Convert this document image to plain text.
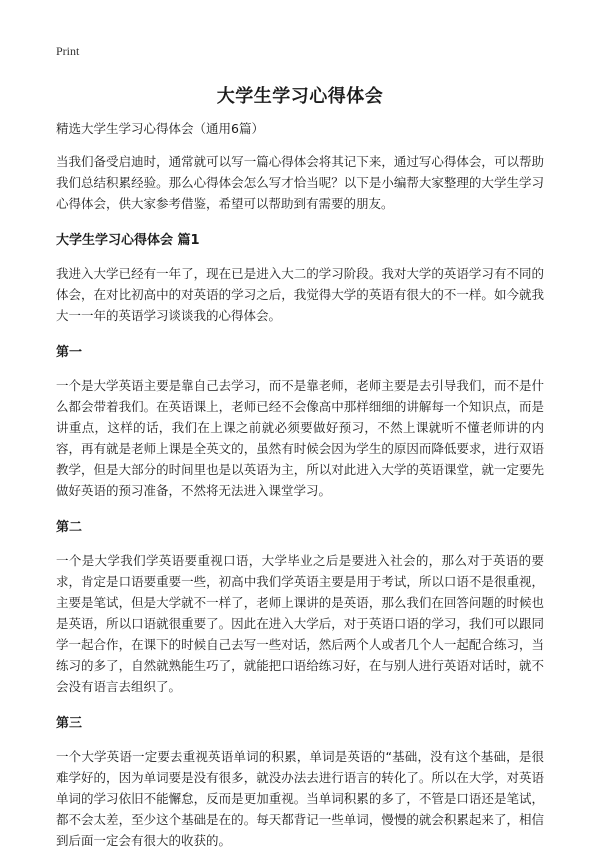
Print
大学生学习心得体会

精选大学生学习心得体会（通用6篇）

当我们备受启迪时，通常就可以写一篇心得体会将其记下来，通过写心得体会，可以帮助我们总结积累经验。那么心得体会怎么写才恰当呢？以下是小编帮大家整理的大学生学习心得体会，供大家参考借鉴，希望可以帮助到有需要的朋友。

大学生学习心得体会 篇1

我进入大学已经有一年了，现在已是进入大二的学习阶段。我对大学的英语学习有不同的体会，在对比初高中的对英语的学习之后，我觉得大学的英语有很大的不一样。如今就我大一一年的英语学习谈谈我的心得体会。

第一

一个是大学英语主要是靠自己去学习，而不是靠老师，老师主要是去引导我们，而不是什么都会带着我们。在英语课上，老师已经不会像高中那样细细的讲解每一个知识点，而是讲重点，这样的话，我们在上课之前就必须要做好预习，不然上课就听不懂老师讲的内容，再有就是老师上课是全英文的，虽然有时候会因为学生的原因而降低要求，进行双语教学，但是大部分的时间里也是以英语为主，所以对此进入大学的英语课堂，就一定要先做好英语的预习准备，不然将无法进入课堂学习。

第二

一个是大学我们学英语要重视口语，大学毕业之后是要进入社会的，那么对于英语的要求，肯定是口语要重要一些，初高中我们学英语主要是用于考试，所以口语不是很重视，主要是笔试，但是大学就不一样了，老师上课讲的是英语，那么我们在回答问题的时候也是英语，所以口语就很重要了。因此在进入大学后，对于英语口语的学习，我们可以跟同学一起合作，在课下的时候自己去写一些对话，然后两个人或者几个人一起配合练习，当练习的多了，自然就熟能生巧了，就能把口语给练习好，在与别人进行英语对话时，就不会没有语言去组织了。

第三

一个大学英语一定要去重视英语单词的积累，单词是英语的“基础，没有这个基础，是很难学好的，因为单词要是没有很多，就没办法去进行语言的转化了。所以在大学，对英语单词的学习依旧不能懈怠，反而是更加重视。当单词积累的多了，不管是口语还是笔试，都不会太差，至少这个基础是在的。每天都背记一些单词，慢慢的就会积累起来了，相信到后面一定会有很大的收获的。
